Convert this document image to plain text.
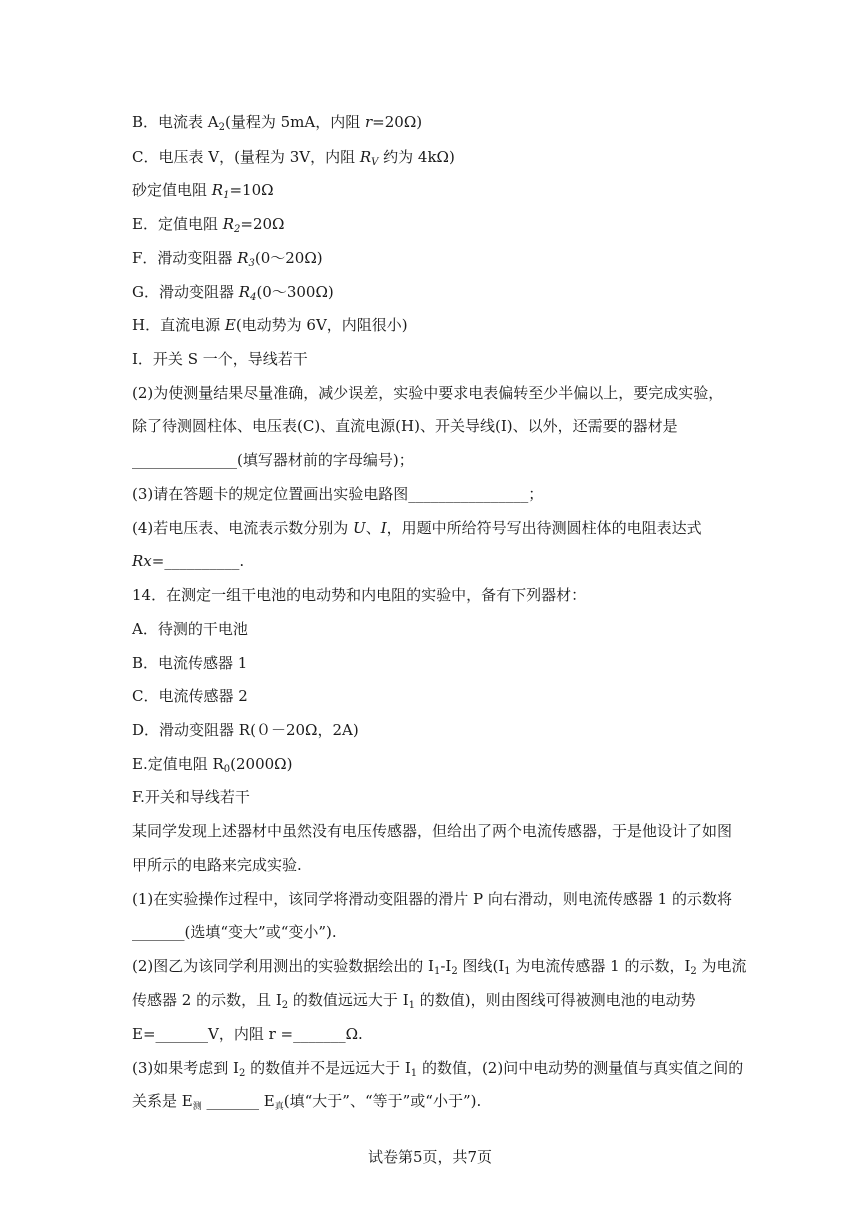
B．电流表 $A_2$(量程为 5mA，内阻 r=20Ω)
C．电压表 V，(量程为 3V，内阻 $R_V$ 约为 4kΩ)
砂定值电阻 $R_1=10\Omega$
E．定值电阻 $R_2=20\Omega$
F．滑动变阻器 $R_3(0\sim 20\Omega)$
G．滑动变阻器 $R_4(0\sim 300\Omega)$
H．直流电源 E(电动势为 6V，内阻很小)
I．开关 S 一个，导线若干
(2)为使测量结果尽量准确，减少误差，实验中要求电表偏转至少半偏以上，要完成实验，
除了待测圆柱体、电压表(C)、直流电源(H)、开关导线(I)、以外，还需要的器材是
______________(填写器材前的字母编号)；
(3)请在答题卡的规定位置画出实验电路图________________；
(4)若电压表、电流表示数分别为 U、I，用题中所给符号写出待测圆柱体的电阻表达式
Rx=__________.
14．在测定一组干电池的电动势和内电阻的实验中，备有下列器材：
A．待测的干电池
B．电流传感器 1
C．电流传感器 2
D．滑动变阻器 R(０－20Ω，2A)
E.定值电阻 $R_0(2000\Omega)$
F.开关和导线若干
某同学发现上述器材中虽然没有电压传感器，但给出了两个电流传感器，于是他设计了如图
甲所示的电路来完成实验.
(1)在实验操作过程中，该同学将滑动变阻器的滑片 P 向右滑动，则电流传感器 1 的示数将
_______(选填“变大”或“变小”).
(2)图乙为该同学利用测出的实验数据绘出的 $I_1-I_2$ 图线($I_1$ 为电流传感器 1 的示数，$I_2$ 为电流
传感器 2 的示数，且 $I_2$ 的数值远远大于 $I_1$ 的数值)，则由图线可得被测电池的电动势
E=_______V，内阻 r =_______Ω.
(3)如果考虑到 $I_2$ 的数值并不是远远大于 $I_1$ 的数值，(2)问中电动势的测量值与真实值之间的
关系是 $E_测$ _______ $E_真$(填“大于”、“等于”或“小于”).
试卷第5页，共7页
